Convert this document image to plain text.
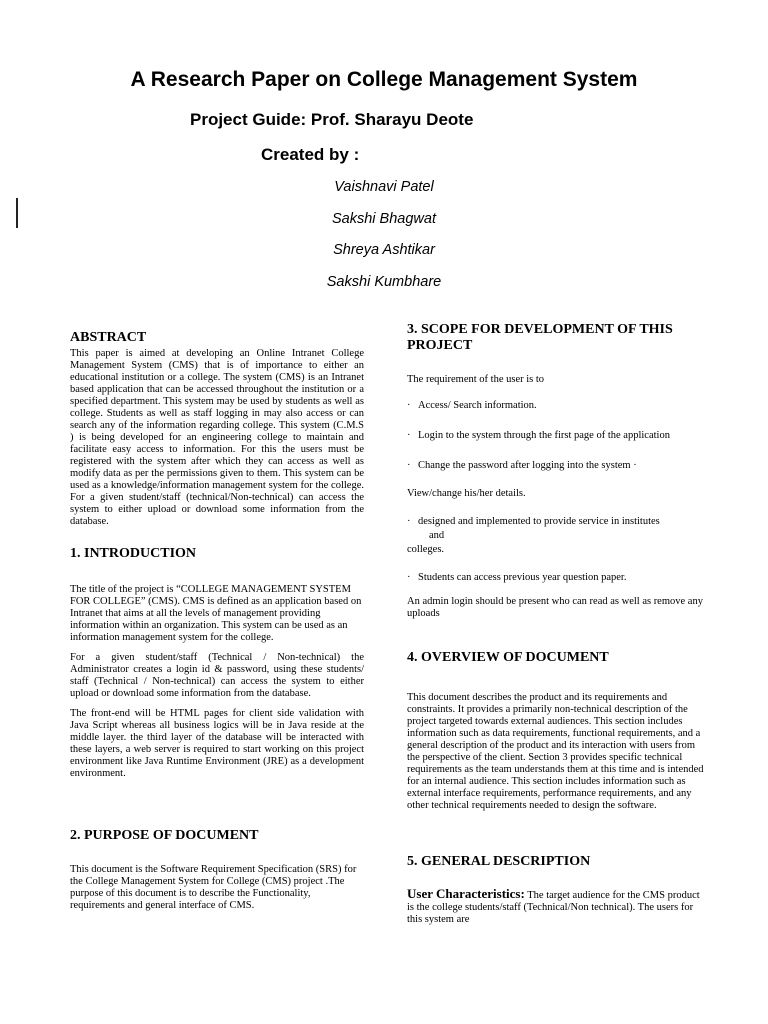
A Research Paper on College Management System
Project Guide: Prof. Sharayu Deote
Created by :
Vaishnavi Patel
Sakshi Bhagwat
Shreya Ashtikar
Sakshi Kumbhare
ABSTRACT

This paper is aimed at developing an Online Intranet College Management System (CMS) that is of importance to either an educational institution or a college. The system (CMS) is an Intranet based application that can be accessed throughout the institution or a specified department. This system may be used by students as well as college. Students as well as staff logging in may also access or can search any of the information regarding college. This system (C.M.S ) is being developed for an engineering college to maintain and facilitate easy access to information. For this the users must be registered with the system after which they can access as well as modify data as per the permissions given to them. This system can be used as a knowledge/information management system for the college. For a given student/staff (technical/Non-technical) can access the system to either upload or download some information from the database.

1. INTRODUCTION

The title of the project is “COLLEGE MANAGEMENT SYSTEM FOR COLLEGE” (CMS). CMS is defined as an application based on Intranet that aims at all the levels of management providing information within an organization. This system can be used as an information management system for the college.

For a given student/staff (Technical / Non-technical) the Administrator creates a login id & password, using these students/ staff (Technical / Non-technical) can access the system to either upload or download some information from the database.

The front-end will be HTML pages for client side validation with Java Script whereas all business logics will be in Java reside at the middle layer. the third layer of the database will be interacted with these layers, a web server is required to start working on this project environment like Java Runtime Environment (JRE) as a development environment.

2. PURPOSE OF DOCUMENT

This document is the Software Requirement Specification (SRS) for the College Management System for College (CMS) project .The purpose of this document is to describe the Functionality, requirements and general interface of CMS.

3. SCOPE FOR DEVELOPMENT OF THIS PROJECT

The requirement of the user is to

· Access/ Search information.

· Login to the system through the first page of the application

· Change the password after logging into the system ·

View/change his/her details.

· designed and implemented to provide service in institutes

and

colleges.

· Students can access previous year question paper.

An admin login should be present who can read as well as remove any uploads

4. OVERVIEW OF DOCUMENT

This document describes the product and its requirements and constraints. It provides a primarily non-technical description of the project targeted towards external audiences. This section includes information such as data requirements, functional requirements, and a general description of the product and its interaction with users from the perspective of the client. Section 3 provides specific technical requirements as the team understands them at this time and is intended for an internal audience. This section includes information such as external interface requirements, performance requirements, and any other technical requirements needed to design the software.

5. GENERAL DESCRIPTION

User Characteristics: The target audience for the CMS product is the college students/staff (Technical/Non technical). The users for this system are
